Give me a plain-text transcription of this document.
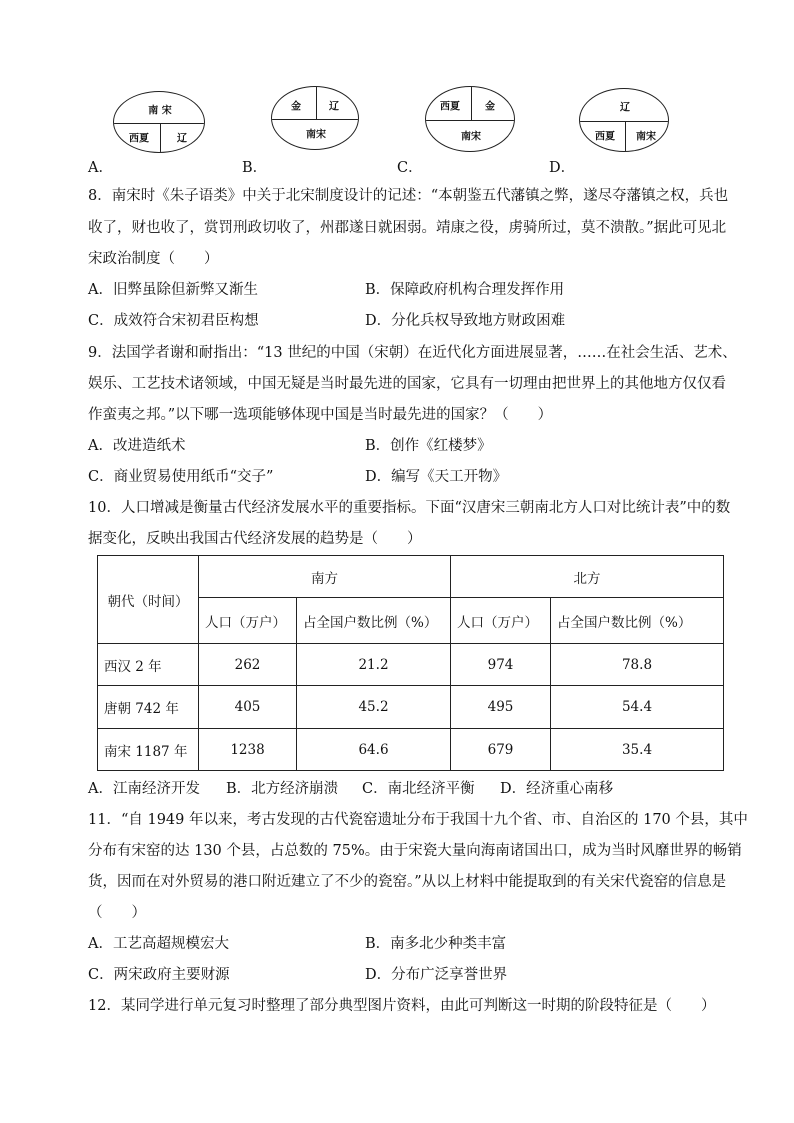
A．
南 宋
西夏	辽
B．
金	辽
南宋
C．
西夏	金
南宋
D．
辽
西夏 南宋
8．南宋时《朱子语类》中关于北宋制度设计的记述：“本朝鉴五代藩镇之弊，遂尽夺藩镇之权，兵也
收了，财也收了，赏罚刑政切收了，州郡遂日就困弱。靖康之役，虏骑所过，莫不溃散。”据此可见北
宋政治制度（　　）
A．旧弊虽除但新弊又渐生	B．保障政府机构合理发挥作用
C．成效符合宋初君臣构想	D．分化兵权导致地方财政困难
9．法国学者谢和耐指出：“13 世纪的中国（宋朝）在近代化方面进展显著，……在社会生活、艺术、
娱乐、工艺技术诸领域，中国无疑是当时最先进的国家，它具有一切理由把世界上的其他地方仅仅看
作蛮夷之邦。”以下哪一选项能够体现中国是当时最先进的国家？（　　）
A．改进造纸术	B．创作《红楼梦》
C．商业贸易使用纸币“交子”	D．编写《天工开物》
10．人口增减是衡量古代经济发展水平的重要指标。下面“汉唐宋三朝南北方人口对比统计表”中的数
据变化，反映出我国古代经济发展的趋势是（　　）
朝代（时间）	南方		北方	
	人口（万户）	占全国户数比例（%）	人口（万户）	占全国户数比例（%）
西汉 2 年	262	21.2	974	78.8
唐朝 742 年	405	45.2	495	54.4
南宋 1187 年	1238	64.6	679	35.4
A．江南经济开发 B．北方经济崩溃 C．南北经济平衡 D．经济重心南移
11．“自 1949 年以来，考古发现的古代瓷窑遗址分布于我国十九个省、市、自治区的 170 个县，其中
分布有宋窑的达 130 个县，占总数的 75%。由于宋瓷大量向海南诸国出口，成为当时风靡世界的畅销
货，因而在对外贸易的港口附近建立了不少的瓷窑。”从以上材料中能提取到的有关宋代瓷窑的信息是
（　　）
A．工艺高超规模宏大	B．南多北少种类丰富
C．两宋政府主要财源	D．分布广泛享誉世界
12．某同学进行单元复习时整理了部分典型图片资料，由此可判断这一时期的阶段特征是（　　）
